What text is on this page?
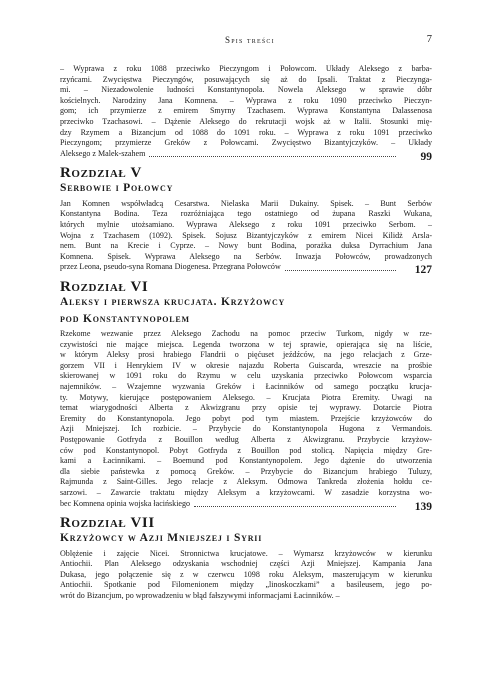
Spis treści	7
– Wyprawa z roku 1088 przeciwko Pieczyngom i Połowcom. Układy Aleksego z barba-
rzyńcami. Zwycięstwa Pieczyngów, posuwających się aż do Ipsali. Traktat z Pieczynga-
mi. – Niezadowolenie ludności Konstantynopola. Nowela Aleksego w sprawie dóbr
kościelnych. Narodziny Jana Komnena. – Wyprawa z roku 1090 przeciwko Pieczyn-
gom; ich przymierze z emirem Smyrny Tzachasem. Wyprawa Konstantyna Dalassenosa
przeciwko Tzachasowi. – Dążenie Aleksego do rekrutacji wojsk aż w Italii. Stosunki mię-
dzy Rzymem a Bizancjum od 1088 do 1091 roku. – Wyprawa z roku 1091 przeciwko
Pieczyngom; przymierze Greków z Połowcami. Zwycięstwo Bizantyjczyków. – Układy
Aleksego z Malek-szahem	99
Rozdział V
Serbowie i Połowcy
Jan Komnen współwładcą Cesarstwa. Nielaska Marii Dukainy. Spisek. – Bunt Serbów
Konstantyna Bodina. Teza rozróżniająca tego ostatniego od żupana Raszki Wukana,
których mylnie utożsamiano. Wyprawa Aleksego z roku 1091 przeciwko Serbom. –
Wojna z Tzachasem (1092). Spisek. Sojusz Bizantyjczyków z emirem Nicei Kilidż Arsla-
nem. Bunt na Krecie i Cyprze. – Nowy bunt Bodina, porażka duksa Dyrrachium Jana
Komnena. Spisek. Wyprawa Aleksego na Serbów. Inwazja Połowców, prowadzonych
przez Leona, pseudo-syna Romana Diogenesa. Przegrana Połowców	127
Rozdział VI
Aleksy i pierwsza krucjata. Krzyżowcy
pod Konstantynopolem
Rzekome wezwanie przez Aleksego Zachodu na pomoc przeciw Turkom, nigdy w rze-
czywistości nie mające miejsca. Legenda tworzona w tej sprawie, opierająca się na liście,
w którym Aleksy prosi hrabiego Flandrii o pięćuset jeźdźców, na jego relacjach z Grze-
gorzem VII i Henrykiem IV w okresie najazdu Roberta Guiscarda, wreszcie na prośbie
skierowanej w 1091 roku do Rzymu w celu uzyskania przeciwko Połowcom wsparcia
najemników. – Wzajemne wyzwania Greków i Łacinników od samego początku krucja-
ty. Motywy, kierujące postępowaniem Aleksego. – Krucjata Piotra Eremity. Uwagi na
temat wiarygodności Alberta z Akwizgranu przy opisie tej wyprawy. Dotarcie Piotra
Eremity do Konstantynopola. Jego pobyt pod tym miastem. Przejście krzyżowców do
Azji Mniejszej. Ich rozbicie. – Przybycie do Konstantynopola Hugona z Vermandois.
Postępowanie Gotfryda z Bouillon według Alberta z Akwizgranu. Przybycie krzyżow-
ców pod Konstantynopol. Pobyt Gotfryda z Bouillon pod stolicą. Napięcia między Gre-
kami a Łacinnikami. – Boemund pod Konstantynopolem. Jego dążenie do utworzenia
dla siebie państewka z pomocą Greków. – Przybycie do Bizancjum hrabiego Tuluzy,
Rajmunda z Saint-Gilles. Jego relacje z Aleksym. Odmowa Tankreda złożenia hołdu ce-
sarzowi. – Zawarcie traktatu między Aleksym a krzyżowcami. W zasadzie korzystna wo-
bec Komnena opinia wojska łacińskiego	139
Rozdział VII
Krzyżowcy w Azji Mniejszej i Syrii
Oblężenie i zajęcie Nicei. Stronnictwa krucjatowe. – Wymarsz krzyżowców w kierunku
Antiochii. Plan Aleksego odzyskania wschodniej części Azji Mniejszej. Kampania Jana
Dukasa, jego połączenie się z w czerwcu 1098 roku Aleksym, maszerującym w kierunku
Antiochii. Spotkanie pod Filomenionem między „linoskoczkami” a basileusem, jego po-
wrót do Bizancjum, po wprowadzeniu w błąd fałszywymi informacjami Łacinników. –
